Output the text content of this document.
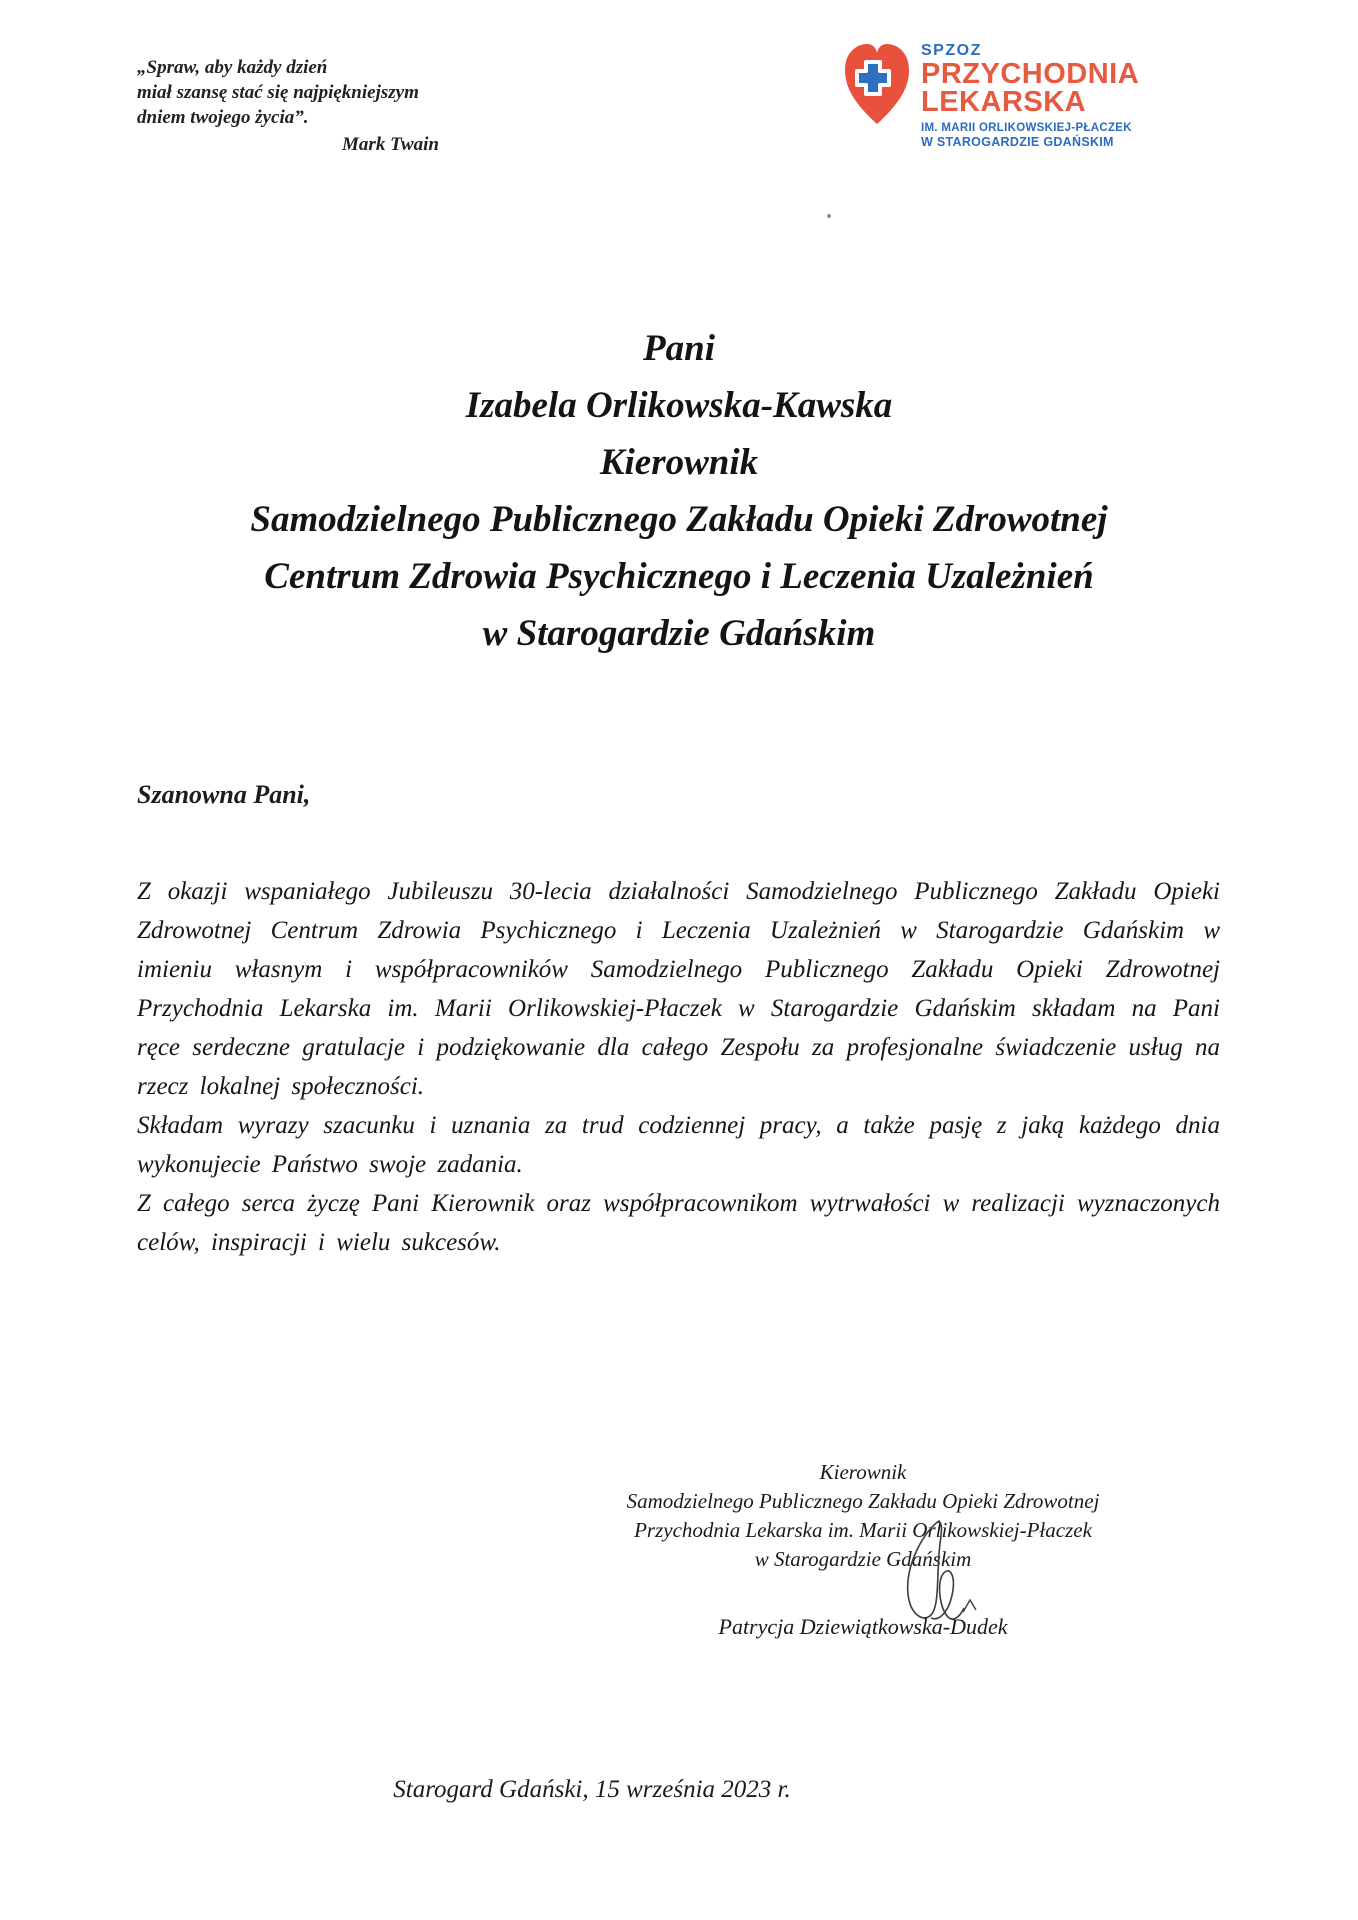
„Spraw, aby każdy dzień
miał szansę stać się najpiękniejszym
dniem twojego życia”.
Mark Twain
SPZOZ
PRZYCHODNIA
LEKARSKA
IM. MARII ORLIKOWSKIEJ-PŁACZEK
W STAROGARDZIE GDAŃSKIM
Pani
Izabela Orlikowska-Kawska
Kierownik
Samodzielnego Publicznego Zakładu Opieki Zdrowotnej
Centrum Zdrowia Psychicznego i Leczenia Uzależnień
w Starogardzie Gdańskim
Szanowna Pani,

Z okazji wspaniałego Jubileuszu 30-lecia działalności Samodzielnego Publicznego Zakładu Opieki Zdrowotnej Centrum Zdrowia Psychicznego i Leczenia Uzależnień w Starogardzie Gdańskim w imieniu własnym i współpracowników Samodzielnego Publicznego Zakładu Opieki Zdrowotnej Przychodnia Lekarska im. Marii Orlikowskiej-Płaczek w Starogardzie Gdańskim składam na Pani ręce serdeczne gratulacje i podziękowanie dla całego Zespołu za profesjonalne świadczenie usług na rzecz lokalnej społeczności.

Składam wyrazy szacunku i uznania za trud codziennej pracy, a także pasję z jaką każdego dnia wykonujecie Państwo swoje zadania.

Z całego serca życzę Pani Kierownik oraz współpracownikom wytrwałości w realizacji wyznaczonych celów, inspiracji i wielu sukcesów.

Kierownik
Samodzielnego Publicznego Zakładu Opieki Zdrowotnej
Przychodnia Lekarska im. Marii Orlikowskiej-Płaczek
w Starogardzie Gdańskim
Patrycja Dziewiątkowska-Dudek
Starogard Gdański, 15 września 2023 r.
